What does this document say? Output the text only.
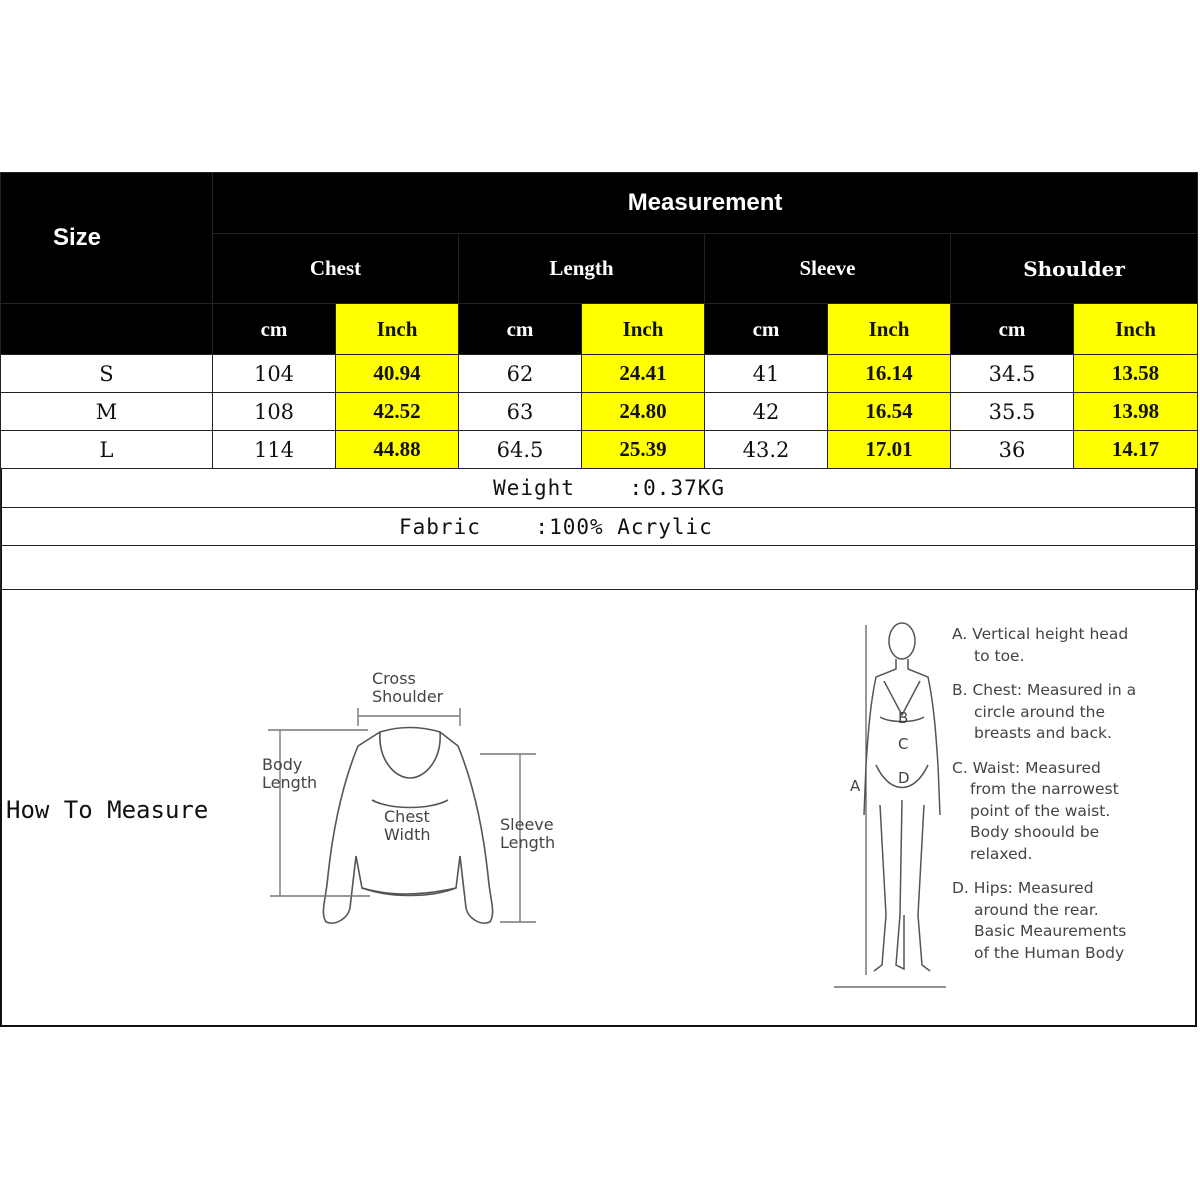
Size	Measurement							
	Chest		Length		Sleeve		Shoulder	
	cm	Inch	cm	Inch	cm	Inch	cm	Inch
S	104	40.94	62	24.41	41	16.14	34.5	13.58
M	108	42.52	63	24.80	42	16.54	35.5	13.98
L	114	44.88	64.5	25.39	43.2	17.01	36	14.17
Weight    :0.37KG								
Fabric    :100% Acrylic								

How To Measure
Cross
Shoulder
Body
Length
Chest
Width
Sleeve
Length
B
C
D
A
A. Vertical height head
to toe.
B. Chest: Measured in a
circle around the
breasts and back.
C. Waist: Measured
from the narrowest
point of the waist.
Body shoould be
relaxed.
D. Hips: Measured
around the rear.
Basic Meaurements
of the Human Body
